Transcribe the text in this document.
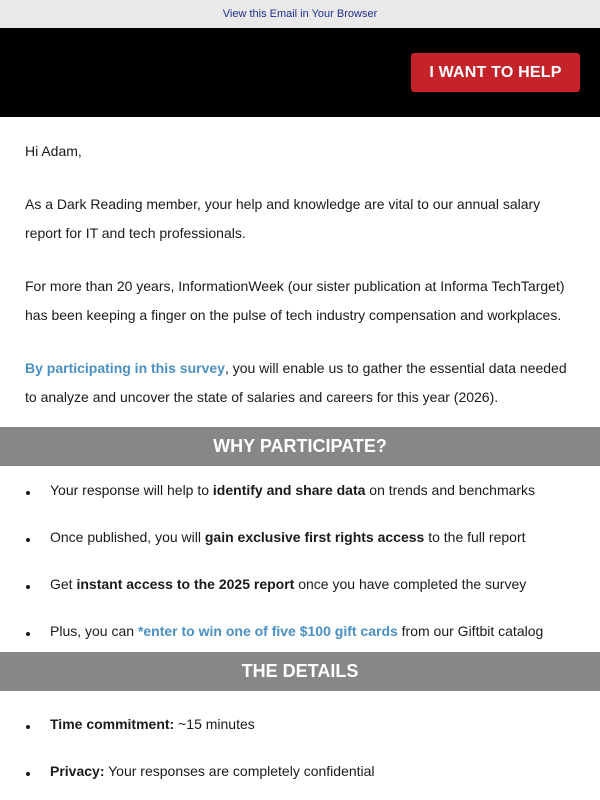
View this Email in Your Browser
I WANT TO HELP

Hi Adam,

As a Dark Reading member, your help and knowledge are vital to our annual salary report for IT and tech professionals.

For more than 20 years, InformationWeek (our sister publication at Informa TechTarget) has been keeping a finger on the pulse of tech industry compensation and workplaces.

By participating in this survey, you will enable us to gather the essential data needed to analyze and uncover the state of salaries and careers for this year (2026).

WHY PARTICIPATE?
Your response will help to identify and share data on trends and benchmarks
Once published, you will gain exclusive first rights access to the full report
Get instant access to the 2025 report once you have completed the survey
Plus, you can *enter to win one of five $100 gift cards from our Giftbit catalog
THE DETAILS
Time commitment: ~15 minutes
Privacy: Your responses are completely confidential
